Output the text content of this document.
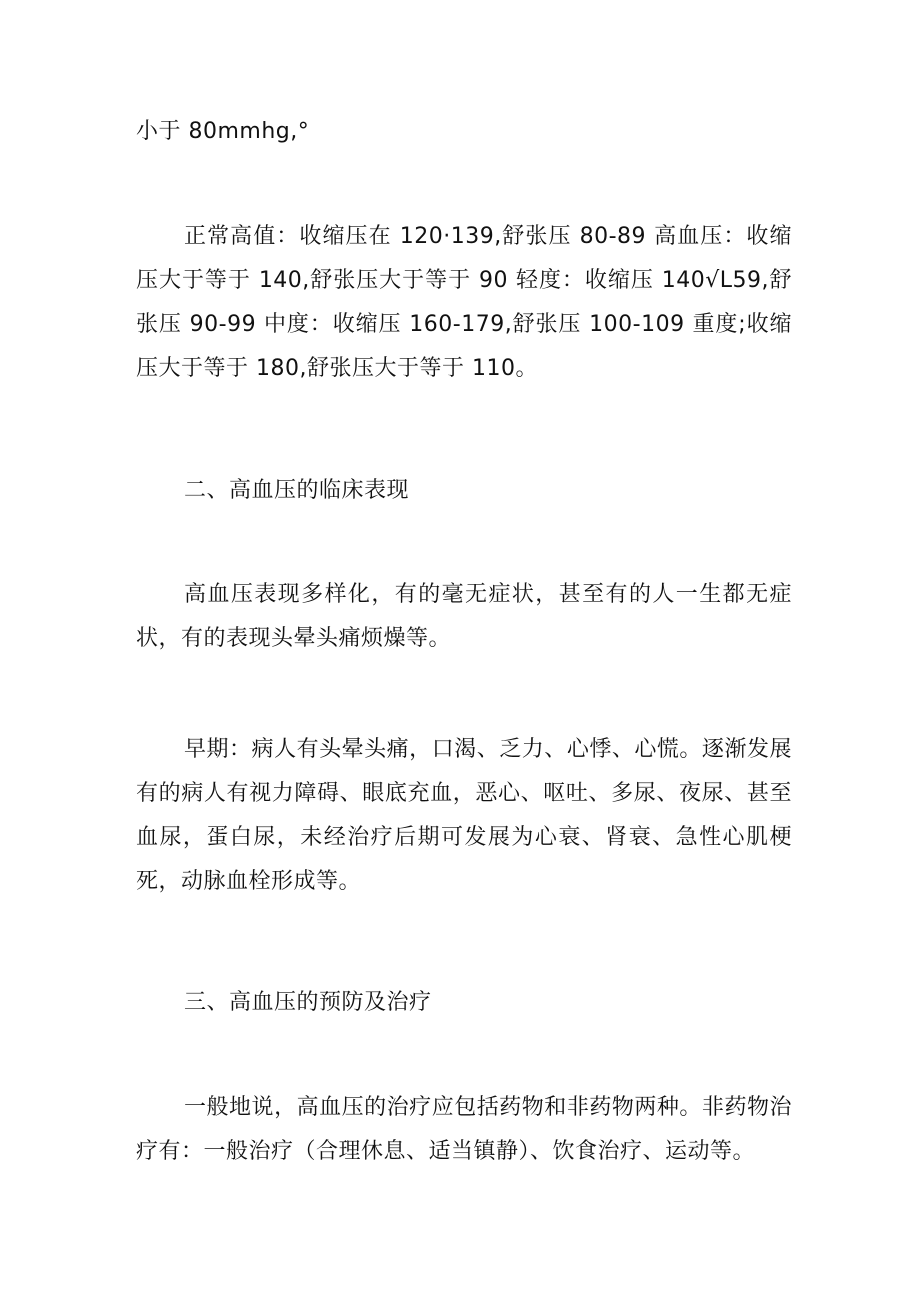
小于 80mmhg,°

正常高值：收缩压在 120·139,舒张压 80-89 高血压：收缩压大于等于 140,舒张压大于等于 90 轻度：收缩压 140√L59,舒张压 90-99 中度：收缩压 160-179,舒张压 100-109 重度;收缩压大于等于 180,舒张压大于等于 110。

二、高血压的临床表现

高血压表现多样化，有的毫无症状，甚至有的人一生都无症状，有的表现头晕头痛烦燥等。

早期：病人有头晕头痛，口渴、乏力、心悸、心慌。逐渐发展有的病人有视力障碍、眼底充血，恶心、呕吐、多尿、夜尿、甚至血尿，蛋白尿，未经治疗后期可发展为心衰、肾衰、急性心肌梗死，动脉血栓形成等。

三、高血压的预防及治疗

一般地说，高血压的治疗应包括药物和非药物两种。非药物治疗有：一般治疗（合理休息、适当镇静）、饮食治疗、运动等。
